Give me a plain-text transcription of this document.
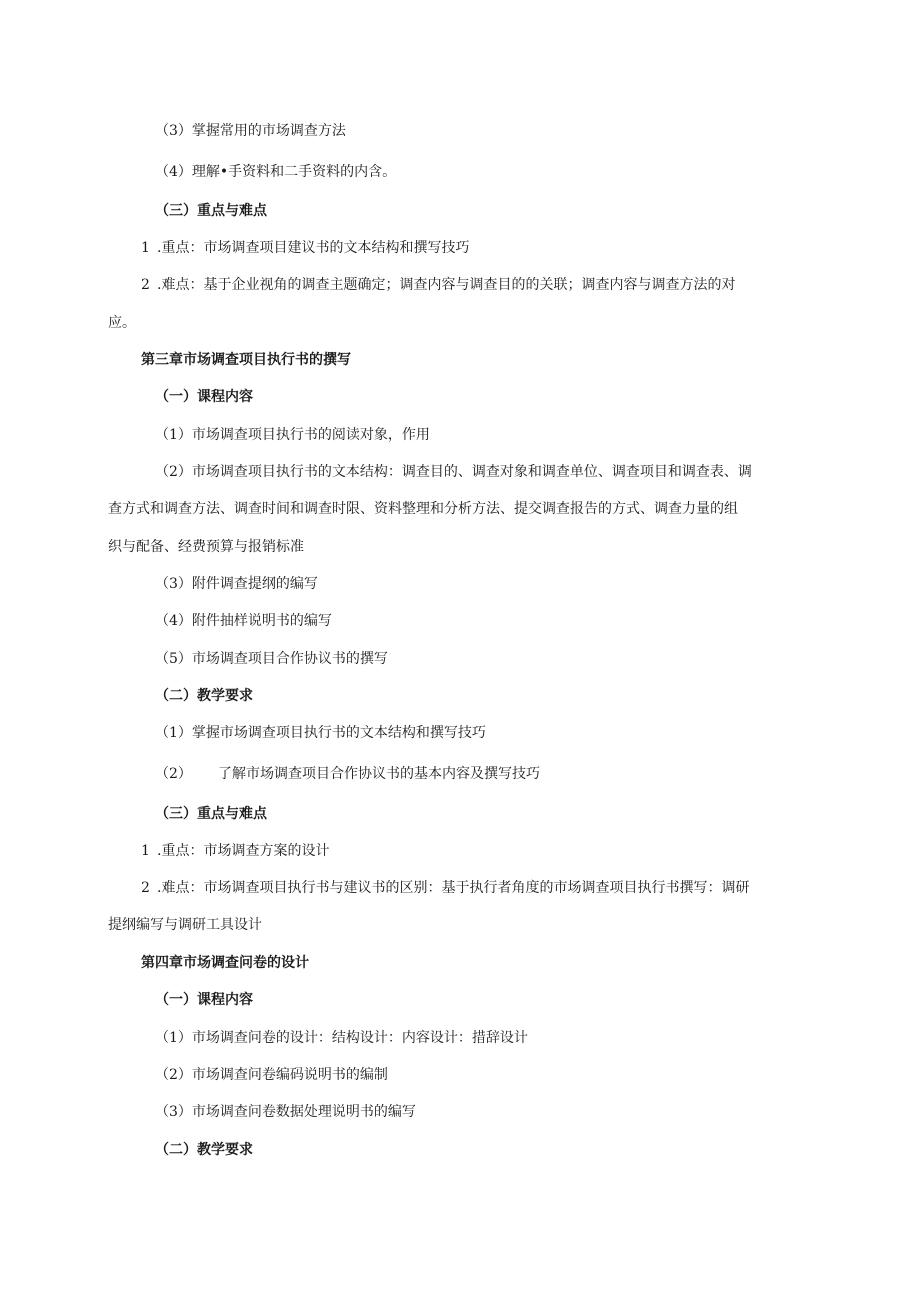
（3）掌握常用的市场调查方法
（4）理解•手资料和二手资料的内含。
（三）重点与难点
1 .重点：市场调查项目建议书的文本结构和撰写技巧
2 .难点：基于企业视角的调查主题确定；调查内容与调查目的的关联；调查内容与调查方法的对
应。
第三章市场调查项目执行书的撰写
（一）课程内容
（1）市场调查项目执行书的阅读对象，作用
（2）市场调查项目执行书的文本结构：调查目的、调查对象和调查单位、调查项目和调查表、调
查方式和调查方法、调查时间和调查时限、资料整理和分析方法、提交调查报告的方式、调查力量的组
织与配备、经费预算与报销标准
（3）附件调查提纲的编写
（4）附件抽样说明书的编写
（5）市场调查项目合作协议书的撰写
（二）教学要求
（1）掌握市场调查项目执行书的文本结构和撰写技巧
（2） 了解市场调查项目合作协议书的基本内容及撰写技巧
（三）重点与难点
1 .重点：市场调查方案的设计
2 .难点：市场调查项目执行书与建议书的区别：基于执行者角度的市场调查项目执行书撰写：调研
提纲编写与调研工具设计
第四章市场调查问卷的设计
（一）课程内容
（1）市场调查问卷的设计：结构设计：内容设计：措辞设计
（2）市场调查问卷编码说明书的编制
（3）市场调查问卷数据处理说明书的编写
（二）教学要求
